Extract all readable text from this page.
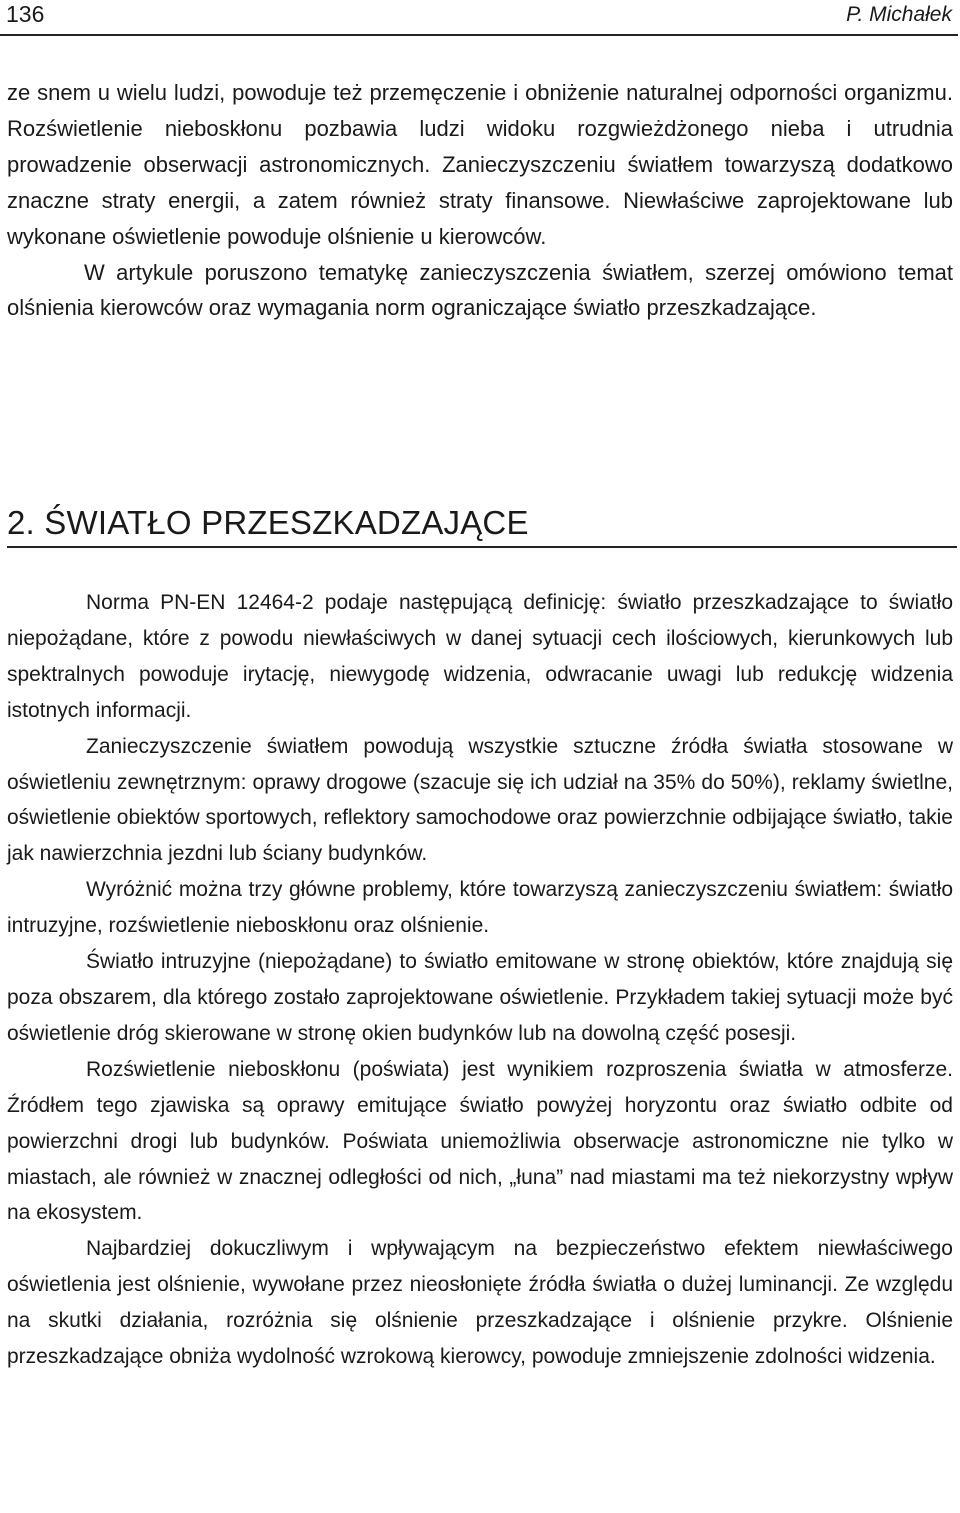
136	P. Michałek

ze snem u wielu ludzi, powoduje też przemęczenie i obniżenie naturalnej odporności organizmu. Rozświetlenie nieboskłonu pozbawia ludzi widoku rozgwieżdżonego nieba i utrudnia prowadzenie obserwacji astronomicznych. Zanieczyszczeniu światłem towarzyszą dodatkowo znaczne straty energii, a zatem również straty finansowe. Niewłaściwe zaprojektowane lub wykonane oświetlenie powoduje olśnienie u kierowców.

W artykule poruszono tematykę zanieczyszczenia światłem, szerzej omówiono temat olśnienia kierowców oraz wymagania norm ograniczające światło przeszkadzające.

2. ŚWIATŁO PRZESZKADZAJĄCE

Norma PN-EN 12464-2 podaje następującą definicję: światło przeszkadzające to światło niepożądane, które z powodu niewłaściwych w danej sytuacji cech ilościowych, kierunkowych lub spektralnych powoduje irytację, niewygodę widzenia, odwracanie uwagi lub redukcję widzenia istotnych informacji.

Zanieczyszczenie światłem powodują wszystkie sztuczne źródła światła stosowane w oświetleniu zewnętrznym: oprawy drogowe (szacuje się ich udział na 35% do 50%), reklamy świetlne, oświetlenie obiektów sportowych, reflektory samochodowe oraz powierzchnie odbijające światło, takie jak nawierzchnia jezdni lub ściany budynków.

Wyróżnić można trzy główne problemy, które towarzyszą zanieczyszczeniu światłem: światło intruzyjne, rozświetlenie nieboskłonu oraz olśnienie.

Światło intruzyjne (niepożądane) to światło emitowane w stronę obiektów, które znajdują się poza obszarem, dla którego zostało zaprojektowane oświetlenie. Przykładem takiej sytuacji może być oświetlenie dróg skierowane w stronę okien budynków lub na dowolną część posesji.

Rozświetlenie nieboskłonu (poświata) jest wynikiem rozproszenia światła w atmosferze. Źródłem tego zjawiska są oprawy emitujące światło powyżej horyzontu oraz światło odbite od powierzchni drogi lub budynków. Poświata uniemożliwia obserwacje astronomiczne nie tylko w miastach, ale również w znacznej odległości od nich, „łuna” nad miastami ma też niekorzystny wpływ na ekosystem.

Najbardziej dokuczliwym i wpływającym na bezpieczeństwo efektem niewłaściwego oświetlenia jest olśnienie, wywołane przez nieosłonięte źródła światła o dużej luminancji. Ze względu na skutki działania, rozróżnia się olśnienie przeszkadzające i olśnienie przykre. Olśnienie przeszkadzające obniża wydolność wzrokową kierowcy, powoduje zmniejszenie zdolności widzenia.
